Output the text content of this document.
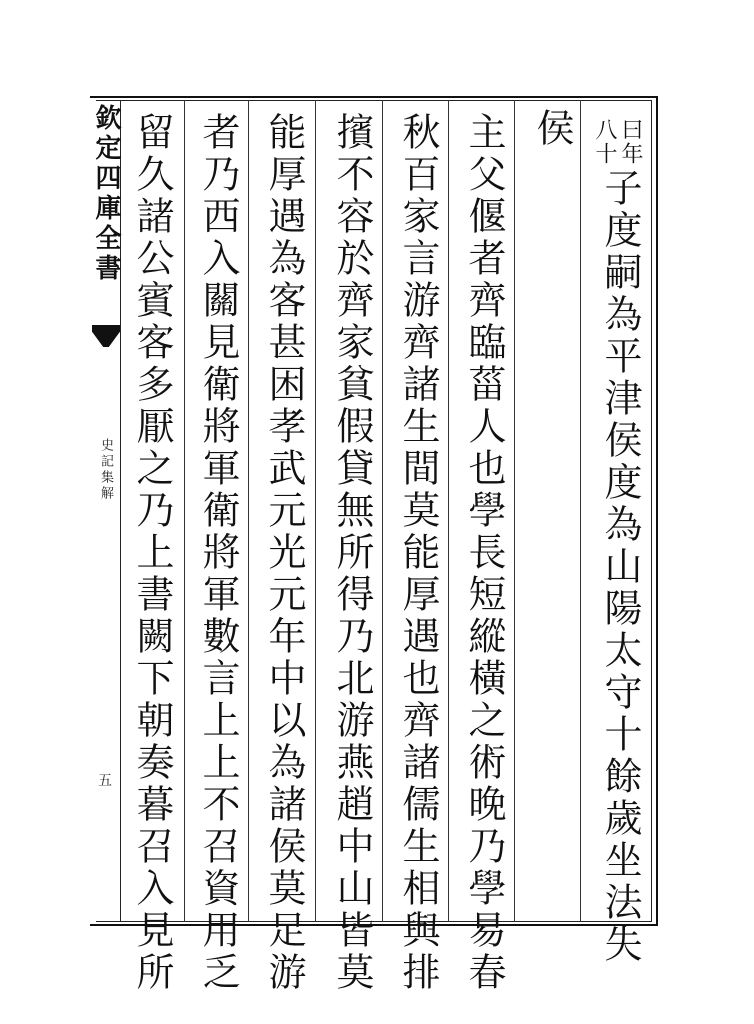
欽定四庫全書
史記集解
五
曰
八
年
十
子度嗣為平津侯度為山陽太守十餘歲坐法失
侯
主父偃者齊臨菑人也學長短縱橫之術晚乃學易春
秋百家言游齊諸生間莫能厚遇也齊諸儒生相與排
擯不容於齊家貧假貸無所得乃北游燕趙中山皆莫
能厚遇為客甚困孝武元光元年中以為諸侯莫足游
者乃西入關見衛將軍衛將軍數言上上不召資用乏
留久諸公賓客多厭之乃上書闕下朝奏暮召入見所
